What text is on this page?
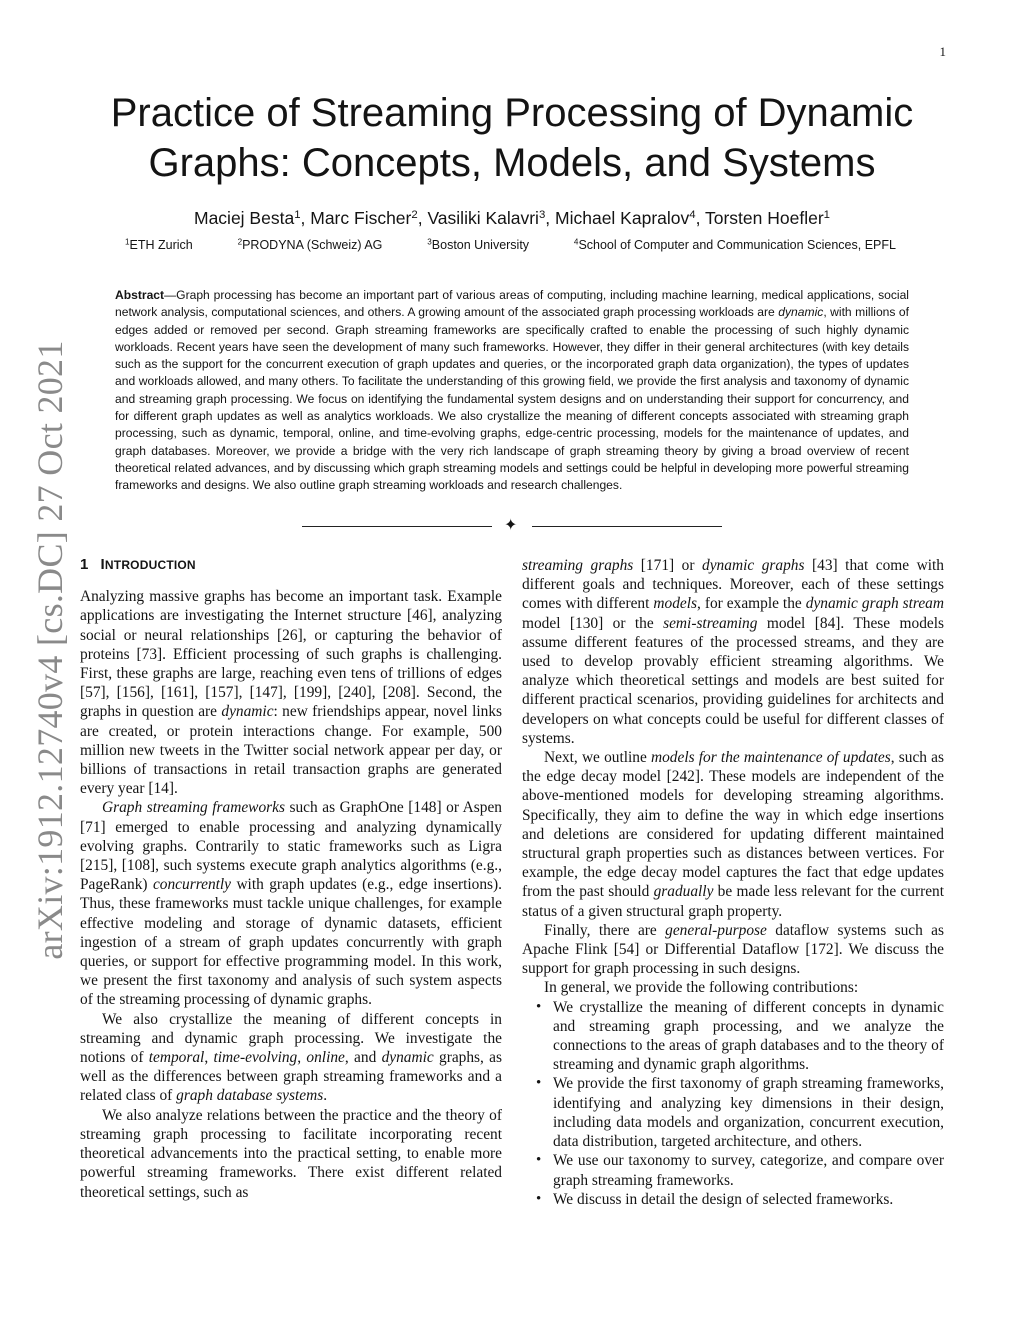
1
arXiv:1912.12740v4 [cs.DC] 27 Oct 2021
Practice of Streaming Processing of Dynamic
Graphs: Concepts, Models, and Systems
Maciej Besta$^1$, Marc Fischer$^2$, Vasiliki Kalavri$^3$, Michael Kapralov$^4$, Torsten Hoefler$^1$
$^1$ETH Zurich	$^2$PRODYNA (Schweiz) AG	$^3$Boston University	$^4$School of Computer and Communication Sciences, EPFL

Abstract—Graph processing has become an important part of various areas of computing, including machine learning, medical applications, social network analysis, computational sciences, and others. A growing amount of the associated graph processing workloads are dynamic, with millions of edges added or removed per second. Graph streaming frameworks are specifically crafted to enable the processing of such highly dynamic workloads. Recent years have seen the development of many such frameworks. However, they differ in their general architectures (with key details such as the support for the concurrent execution of graph updates and queries, or the incorporated graph data organization), the types of updates and workloads allowed, and many others. To facilitate the understanding of this growing field, we provide the first analysis and taxonomy of dynamic and streaming graph processing. We focus on identifying the fundamental system designs and on understanding their support for concurrency, and for different graph updates as well as analytics workloads. We also crystallize the meaning of different concepts associated with streaming graph processing, such as dynamic, temporal, online, and time-evolving graphs, edge-centric processing, models for the maintenance of updates, and graph databases. Moreover, we provide a bridge with the very rich landscape of graph streaming theory by giving a broad overview of recent theoretical related advances, and by discussing which graph streaming models and settings could be helpful in developing more powerful streaming frameworks and designs. We also outline graph streaming workloads and research challenges.

✦
1 INTRODUCTION

Analyzing massive graphs has become an important task. Example applications are investigating the Internet structure [46], analyzing social or neural relationships [26], or capturing the behavior of proteins [73]. Efficient processing of such graphs is challenging. First, these graphs are large, reaching even tens of trillions of edges [57], [156], [161], [157], [147], [199], [240], [208]. Second, the graphs in question are dynamic: new friendships appear, novel links are created, or protein interactions change. For example, 500 million new tweets in the Twitter social network appear per day, or billions of transactions in retail transaction graphs are generated every year [14].

Graph streaming frameworks such as GraphOne [148] or Aspen [71] emerged to enable processing and analyzing dynamically evolving graphs. Contrarily to static frameworks such as Ligra [215], [108], such systems execute graph analytics algorithms (e.g., PageRank) concurrently with graph updates (e.g., edge insertions). Thus, these frameworks must tackle unique challenges, for example effective modeling and storage of dynamic datasets, efficient ingestion of a stream of graph updates concurrently with graph queries, or support for effective programming model. In this work, we present the first taxonomy and analysis of such system aspects of the streaming processing of dynamic graphs.

We also crystallize the meaning of different concepts in streaming and dynamic graph processing. We investigate the notions of temporal, time-evolving, online, and dynamic graphs, as well as the differences between graph streaming frameworks and a related class of graph database systems.

We also analyze relations between the practice and the theory of streaming graph processing to facilitate incorporating recent theoretical advancements into the practical setting, to enable more powerful streaming frameworks. There exist different related theoretical settings, such as

streaming graphs [171] or dynamic graphs [43] that come with different goals and techniques. Moreover, each of these settings comes with different models, for example the dynamic graph stream model [130] or the semi-streaming model [84]. These models assume different features of the processed streams, and they are used to develop provably efficient streaming algorithms. We analyze which theoretical settings and models are best suited for different practical scenarios, providing guidelines for architects and developers on what concepts could be useful for different classes of systems.

Next, we outline models for the maintenance of updates, such as the edge decay model [242]. These models are independent of the above-mentioned models for developing streaming algorithms. Specifically, they aim to define the way in which edge insertions and deletions are considered for updating different maintained structural graph properties such as distances between vertices. For example, the edge decay model captures the fact that edge updates from the past should gradually be made less relevant for the current status of a given structural graph property.

Finally, there are general-purpose dataflow systems such as Apache Flink [54] or Differential Dataflow [172]. We discuss the support for graph processing in such designs.

In general, we provide the following contributions:

• We crystallize the meaning of different concepts in dynamic and streaming graph processing, and we analyze the connections to the areas of graph databases and to the theory of streaming and dynamic graph algorithms.
• We provide the first taxonomy of graph streaming frameworks, identifying and analyzing key dimensions in their design, including data models and organization, concurrent execution, data distribution, targeted architecture, and others.
• We use our taxonomy to survey, categorize, and compare over graph streaming frameworks.
• We discuss in detail the design of selected frameworks.
